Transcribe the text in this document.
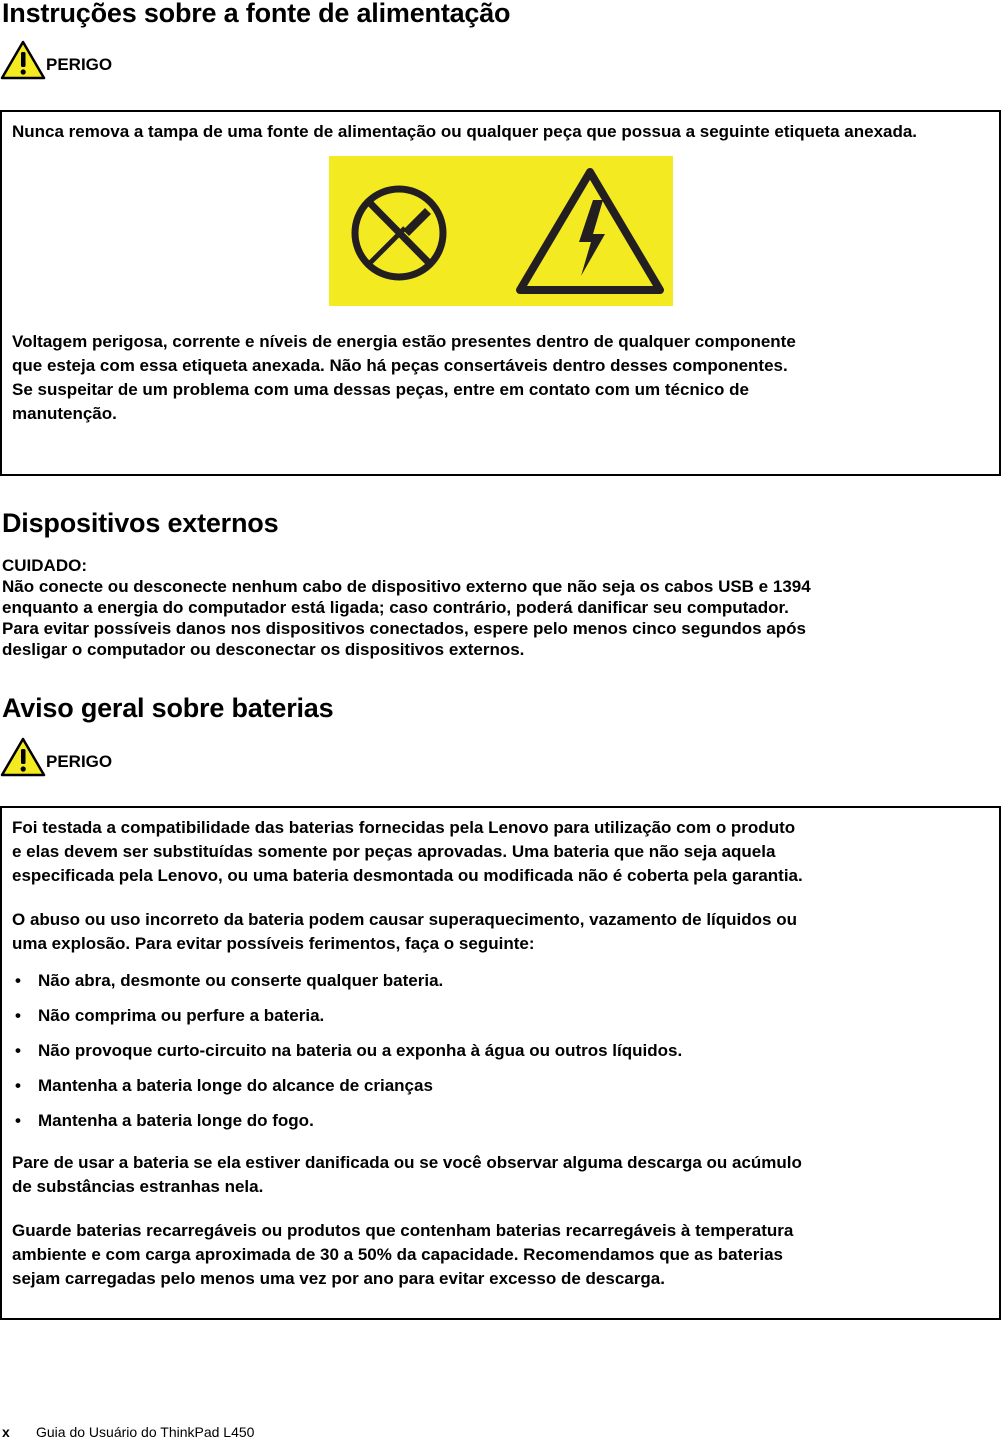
Instruções sobre a fonte de alimentação
PERIGO

Nunca remova a tampa de uma fonte de alimentação ou qualquer peça que possua a seguinte etiqueta anexada.

Voltagem perigosa, corrente e níveis de energia estão presentes dentro de qualquer componente

que esteja com essa etiqueta anexada. Não há peças consertáveis dentro desses componentes.

Se suspeitar de um problema com uma dessas peças, entre em contato com um técnico de

manutenção.

Dispositivos externos

CUIDADO:

Não conecte ou desconecte nenhum cabo de dispositivo externo que não seja os cabos USB e 1394

enquanto a energia do computador está ligada; caso contrário, poderá danificar seu computador.

Para evitar possíveis danos nos dispositivos conectados, espere pelo menos cinco segundos após

desligar o computador ou desconectar os dispositivos externos.

Aviso geral sobre baterias
PERIGO

Foi testada a compatibilidade das baterias fornecidas pela Lenovo para utilização com o produto

e elas devem ser substituídas somente por peças aprovadas. Uma bateria que não seja aquela

especificada pela Lenovo, ou uma bateria desmontada ou modificada não é coberta pela garantia.

O abuso ou uso incorreto da bateria podem causar superaquecimento, vazamento de líquidos ou

uma explosão. Para evitar possíveis ferimentos, faça o seguinte:

• Não abra, desmonte ou conserte qualquer bateria.
• Não comprima ou perfure a bateria.
• Não provoque curto-circuito na bateria ou a exponha à água ou outros líquidos.
• Mantenha a bateria longe do alcance de crianças
• Mantenha a bateria longe do fogo.

Pare de usar a bateria se ela estiver danificada ou se você observar alguma descarga ou acúmulo

de substâncias estranhas nela.

Guarde baterias recarregáveis ou produtos que contenham baterias recarregáveis à temperatura

ambiente e com carga aproximada de 30 a 50% da capacidade. Recomendamos que as baterias

sejam carregadas pelo menos uma vez por ano para evitar excesso de descarga.

x Guia do Usuário do ThinkPad L450
